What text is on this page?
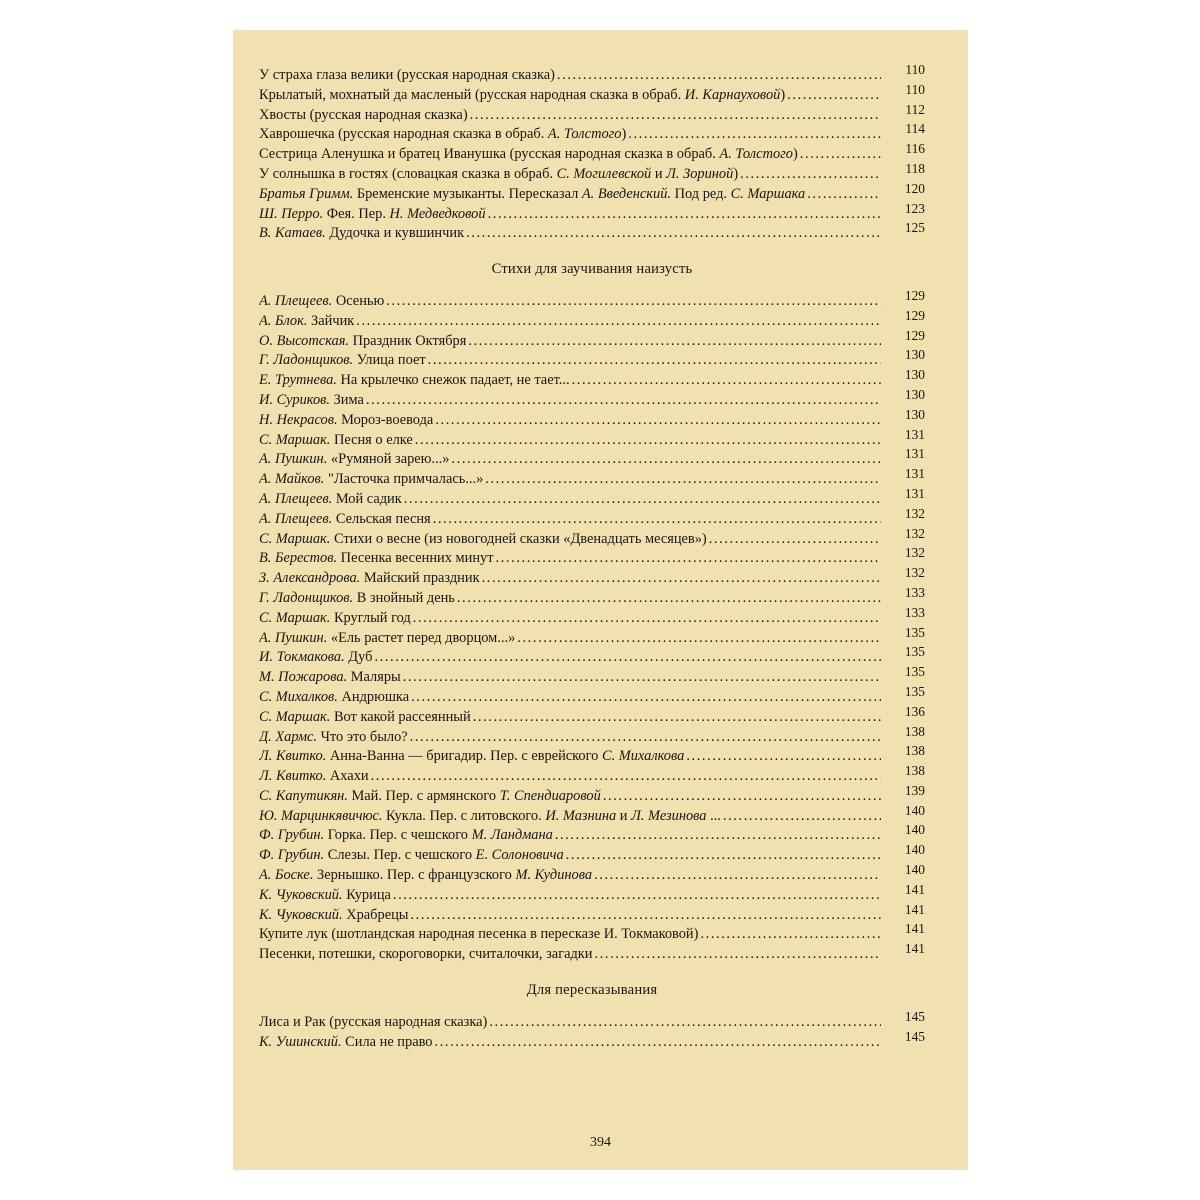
У страха глаза велики (русская народная сказка) . . .	110
Крылатый, мохнатый да масленый (русская народная сказка в обраб. И. Карнауховой) . . .	110
Хвосты (русская народная сказка) . . .	112
Хаврошечка (русская народная сказка в обраб. А. Толстого) . . .	114
Сестрица Аленушка и братец Иванушка (русская народная сказка в обраб. А. Толстого) . . .	116
У солнышка в гостях (словацкая сказка в обраб. С. Могилевской и Л. Зориной) . . .	118
Братья Гримм. Бременские музыканты. Пересказал А. Введенский. Под ред. С. Маршака . . .	120
Ш. Перро. Фея. Пер. Н. Медведковой . . .	123
В. Катаев. Дудочка и кувшинчик . . .	125
Стихи для заучивания наизусть
А. Плещеев. Осенью . . .	129
А. Блок. Зайчик . . .	129
О. Высотская. Праздник Октября . . .	129
Г. Ладонщиков. Улица поет . . .	130
Е. Трутнева. На крылечко снежок падает, не тает... . . .	130
И. Суриков. Зима . . .	130
Н. Некрасов. Мороз-воевода . . .	130
С. Маршак. Песня о елке . . .	131
А. Пушкин. «Румяной зарею...» . . .	131
А. Майков. "Ласточка примчалась...» . . .	131
А. Плещеев. Мой садик . . .	131
А. Плещеев. Сельская песня . . .	132
С. Маршак. Стихи о весне (из новогодней сказки «Двенадцать месяцев») . . .	132
В. Берестов. Песенка весенних минут . . .	132
З. Александрова. Майский праздник . . .	132
Г. Ладонщиков. В знойный день . . .	133
С. Маршак. Круглый год . . .	133
А. Пушкин. «Ель растет перед дворцом...» . . .	135
И. Токмакова. Дуб . . .	135
М. Пожарова. Маляры . . .	135
С. Михалков. Андрюшка . . .	135
С. Маршак. Вот какой рассеянный . . .	136
Д. Хармс. Что это было? . . .	138
Л. Квитко. Анна-Ванна — бригадир. Пер. с еврейского С. Михалкова . . .	138
Л. Квитко. Ахахи . . .	138
С. Капутикян. Май. Пер. с армянского Т. Спендиаровой . . .	139
Ю. Марцинкявичюс. Кукла. Пер. с литовского. И. Мазнина и Л. Мезинова ... . . .	140
Ф. Грубин. Горка. Пер. с чешского М. Ландмана . . .	140
Ф. Грубин. Слезы. Пер. с чешского Е. Солоновича . . .	140
А. Боске. Зернышко. Пер. с французского М. Кудинова . . .	140
К. Чуковский. Курица . . .	141
К. Чуковский. Храбрецы . . .	141
Купите лук (шотландская народная песенка в пересказе И. Токмаковой) . . .	141
Песенки, потешки, скороговорки, считалочки, загадки . . .	141
Для пересказывания
Лиса и Рак (русская народная сказка) . . .	145
К. Ушинский. Сила не право . . .	145
394
